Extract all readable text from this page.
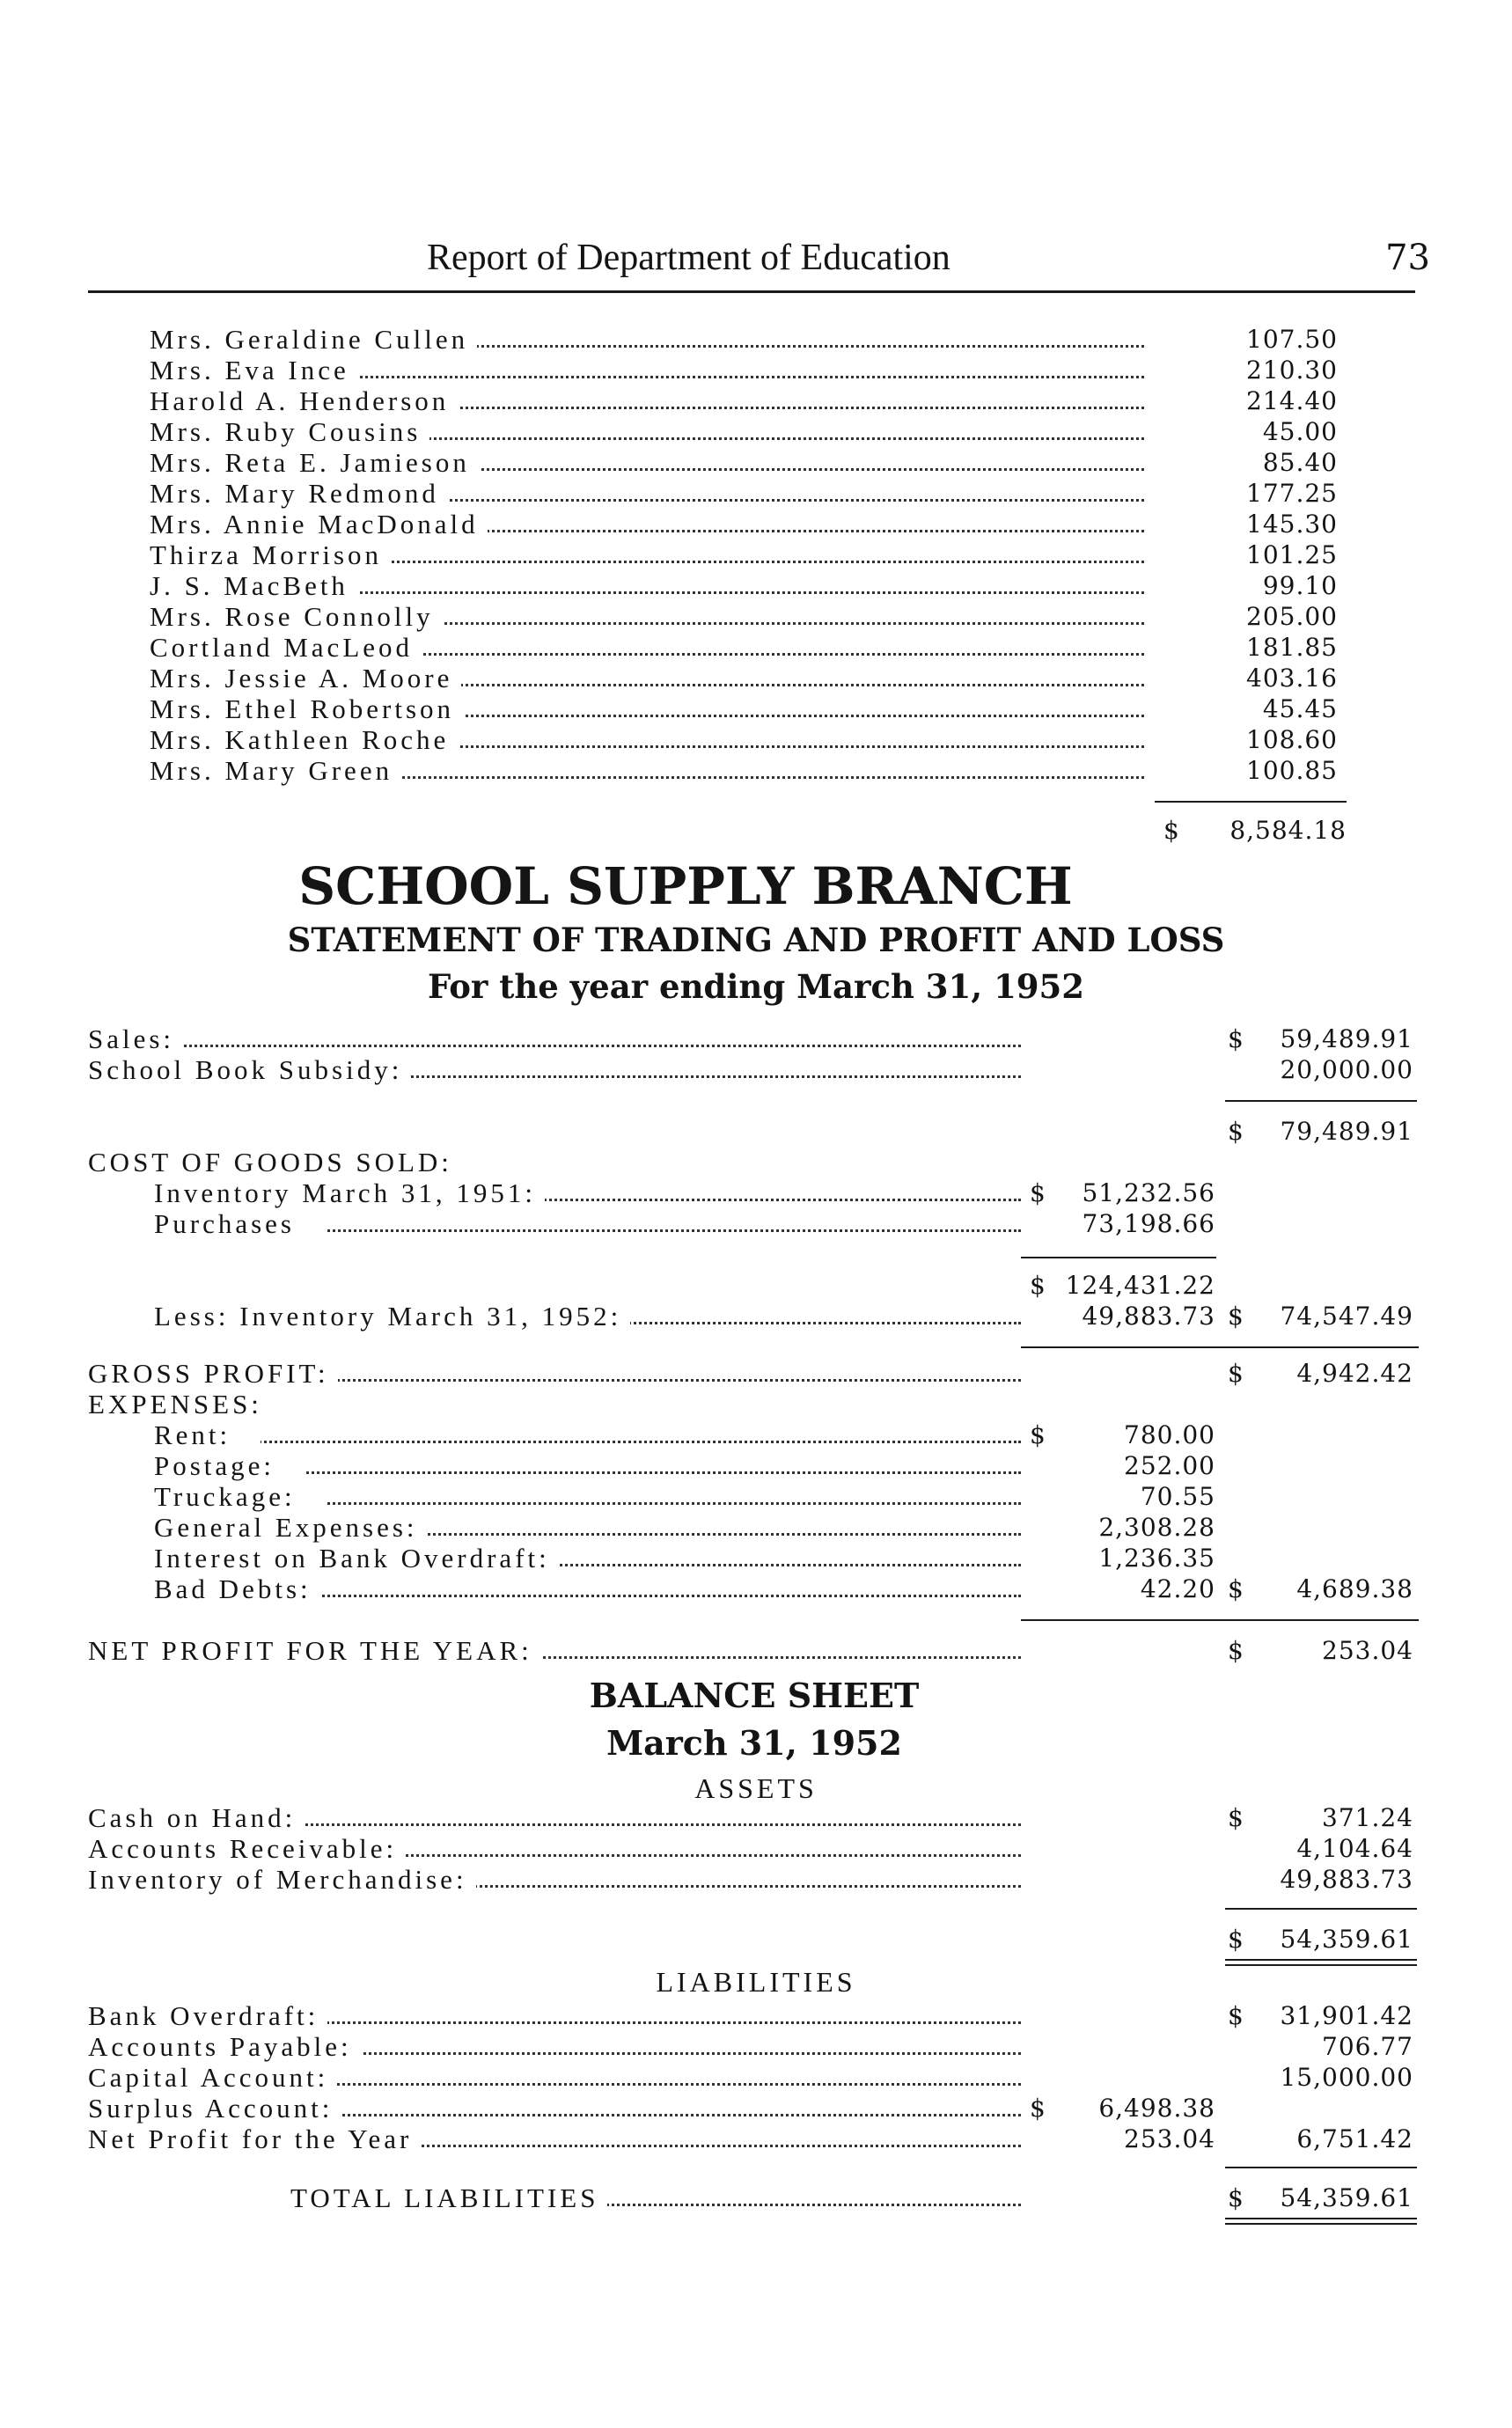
Report of Department of Education	73
Mrs. Geraldine Cullen	107.50
Mrs. Eva Ince	210.30
Harold A. Henderson	214.40
Mrs. Ruby Cousins	45.00
Mrs. Reta E. Jamieson	85.40
Mrs. Mary Redmond	177.25
Mrs. Annie MacDonald	145.30
Thirza Morrison	101.25
J. S. MacBeth	99.10
Mrs. Rose Connolly	205.00
Cortland MacLeod	181.85
Mrs. Jessie A. Moore	403.16
Mrs. Ethel Robertson	45.45
Mrs. Kathleen Roche	108.60
Mrs. Mary Green	100.85
$	8,584.18
SCHOOL SUPPLY BRANCH
STATEMENT OF TRADING AND PROFIT AND LOSS
For the year ending March 31, 1952
Sales:	$	59,489.91
School Book Subsidy:	20,000.00
$	79,489.91
COST OF GOODS SOLD:
Inventory March 31, 1951:	$	51,232.56
Purchases	73,198.66
$ 124,431.22
Less: Inventory March 31, 1952:	49,883.73 $	74,547.49
GROSS PROFIT:	$	4,942.42
EXPENSES:
Rent:	$	780.00
Postage:	252.00
Truckage:	70.55
General Expenses:	2,308.28
Interest on Bank Overdraft:	1,236.35
Bad Debts:	42.20 $	4,689.38
NET PROFIT FOR THE YEAR:	$	253.04
BALANCE SHEET
March 31, 1952
ASSETS
Cash on Hand:	$	371.24
Accounts Receivable:	4,104.64
Inventory of Merchandise:	49,883.73
$	54,359.61
LIABILITIES
Bank Overdraft:	$	31,901.42
Accounts Payable:	706.77
Capital Account:	15,000.00
Surplus Account:	$	6,498.38
Net Profit for the Year	253.04	6,751.42
TOTAL LIABILITIES	$	54,359.61
